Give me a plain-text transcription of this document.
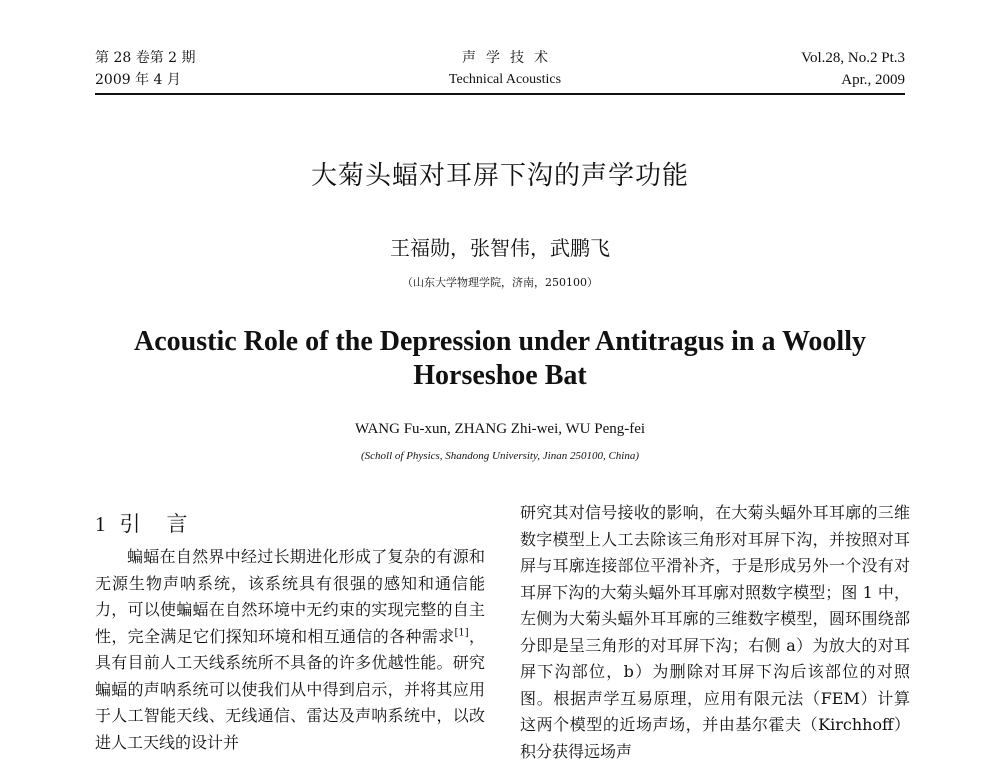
第 28 卷第 2 期
2009 年 4 月
声学技术
Technical Acoustics
Vol.28, No.2 Pt.3
Apr., 2009
大菊头蝠对耳屏下沟的声学功能
王福勋，张智伟，武鹏飞
（山东大学物理学院，济南，250100）
Acoustic Role of the Depression under Antitragus in a Woolly Horseshoe Bat
WANG Fu-xun, ZHANG Zhi-wei, WU Peng-fei
(Scholl of Physics, Shandong University, Jinan 250100, China)
1 引 言

蝙蝠在自然界中经过长期进化形成了复杂的有源和无源生物声呐系统，该系统具有很强的感知和通信能力，可以使蝙蝠在自然环境中无约束的实现完整的自主性，完全满足它们探知环境和相互通信的各种需求[1]，具有目前人工天线系统所不具备的许多优越性能。研究蝙蝠的声呐系统可以使我们从中得到启示，并将其应用于人工智能天线、无线通信、雷达及声呐系统中，以改进人工天线的设计并

研究其对信号接收的影响，在大菊头蝠外耳耳廓的三维数字模型上人工去除该三角形对耳屏下沟，并按照对耳屏与耳廓连接部位平滑补齐，于是形成另外一个没有对耳屏下沟的大菊头蝠外耳耳廓对照数字模型；图 1 中，左侧为大菊头蝠外耳耳廓的三维数字模型，圆环围绕部分即是呈三角形的对耳屏下沟；右侧 a）为放大的对耳屏下沟部位，b）为删除对耳屏下沟后该部位的对照图。根据声学互易原理，应用有限元法（FEM）计算这两个模型的近场声场，并由基尔霍夫（Kirchhoff）积分获得远场声
